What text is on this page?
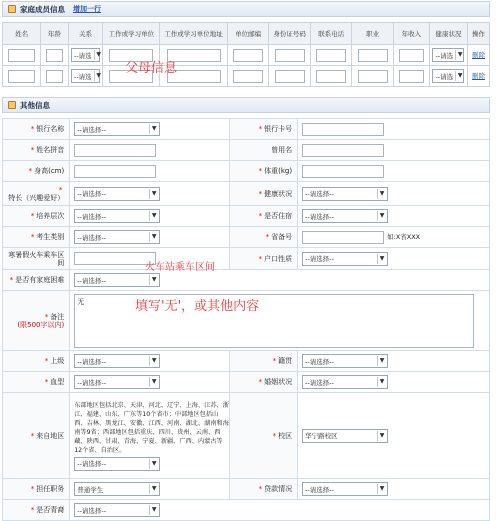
家庭成员信息 增加一行
姓名	年龄	关系	工作或学习单位	工作或学习单位地址	单位邮编	身份证号码	联系电话	职业	年收入	健康状况	操作

		--请选 ▼								--请选 ▼	删除

		--请选 ▼								--请选 ▼	删除
父母信息
其他信息
* 银行名称	--请选择-- ▼	* 银行卡号	
* 姓名拼音		曾用名	
* 身高(cm)		* 体重(kg)	
*特长（兴趣爱好）	--请选择-- ▼	* 健康状况	--请选择-- ▼

* 培养层次	--请选择-- ▼	* 是否住宿	--请选择-- ▼

* 考生类别	--请选择-- ▼	* 省备号	如:X省XXX
寒暑假火车乘车区间		* 户口性质	--请选择-- ▼

* 是否有家庭困难	--请选择-- ▼		

* 备注
(限500字以内)	无		

* 上级	--请选择-- ▼	* 籍贯	--请选择-- ▼

* 血型	--请选择-- ▼	* 婚姻状况	--请选择-- ▼

* 来自地区	东部地区包括北京、天津、河北、辽宁、上海、江苏、浙江、福建、山东、广东等10个省市；中部地区包括山西、吉林、黑龙江、安徽、江西、河南、湖北、湖南和海南等9省；西部地区包括重庆、四川、贵州、云南、西藏、陕西、甘肃、青海、宁夏、新疆、广西、内蒙古等12个省、自治区。
--请选择-- ▼	* 校区	华宁路校区 ▼

* 担任职务	普通学生 ▼	* 贷款情况	--请选择-- ▼

* 是否青裔	--请选择-- ▼		
火车站乘车区间
填写'无'，或其他内容
